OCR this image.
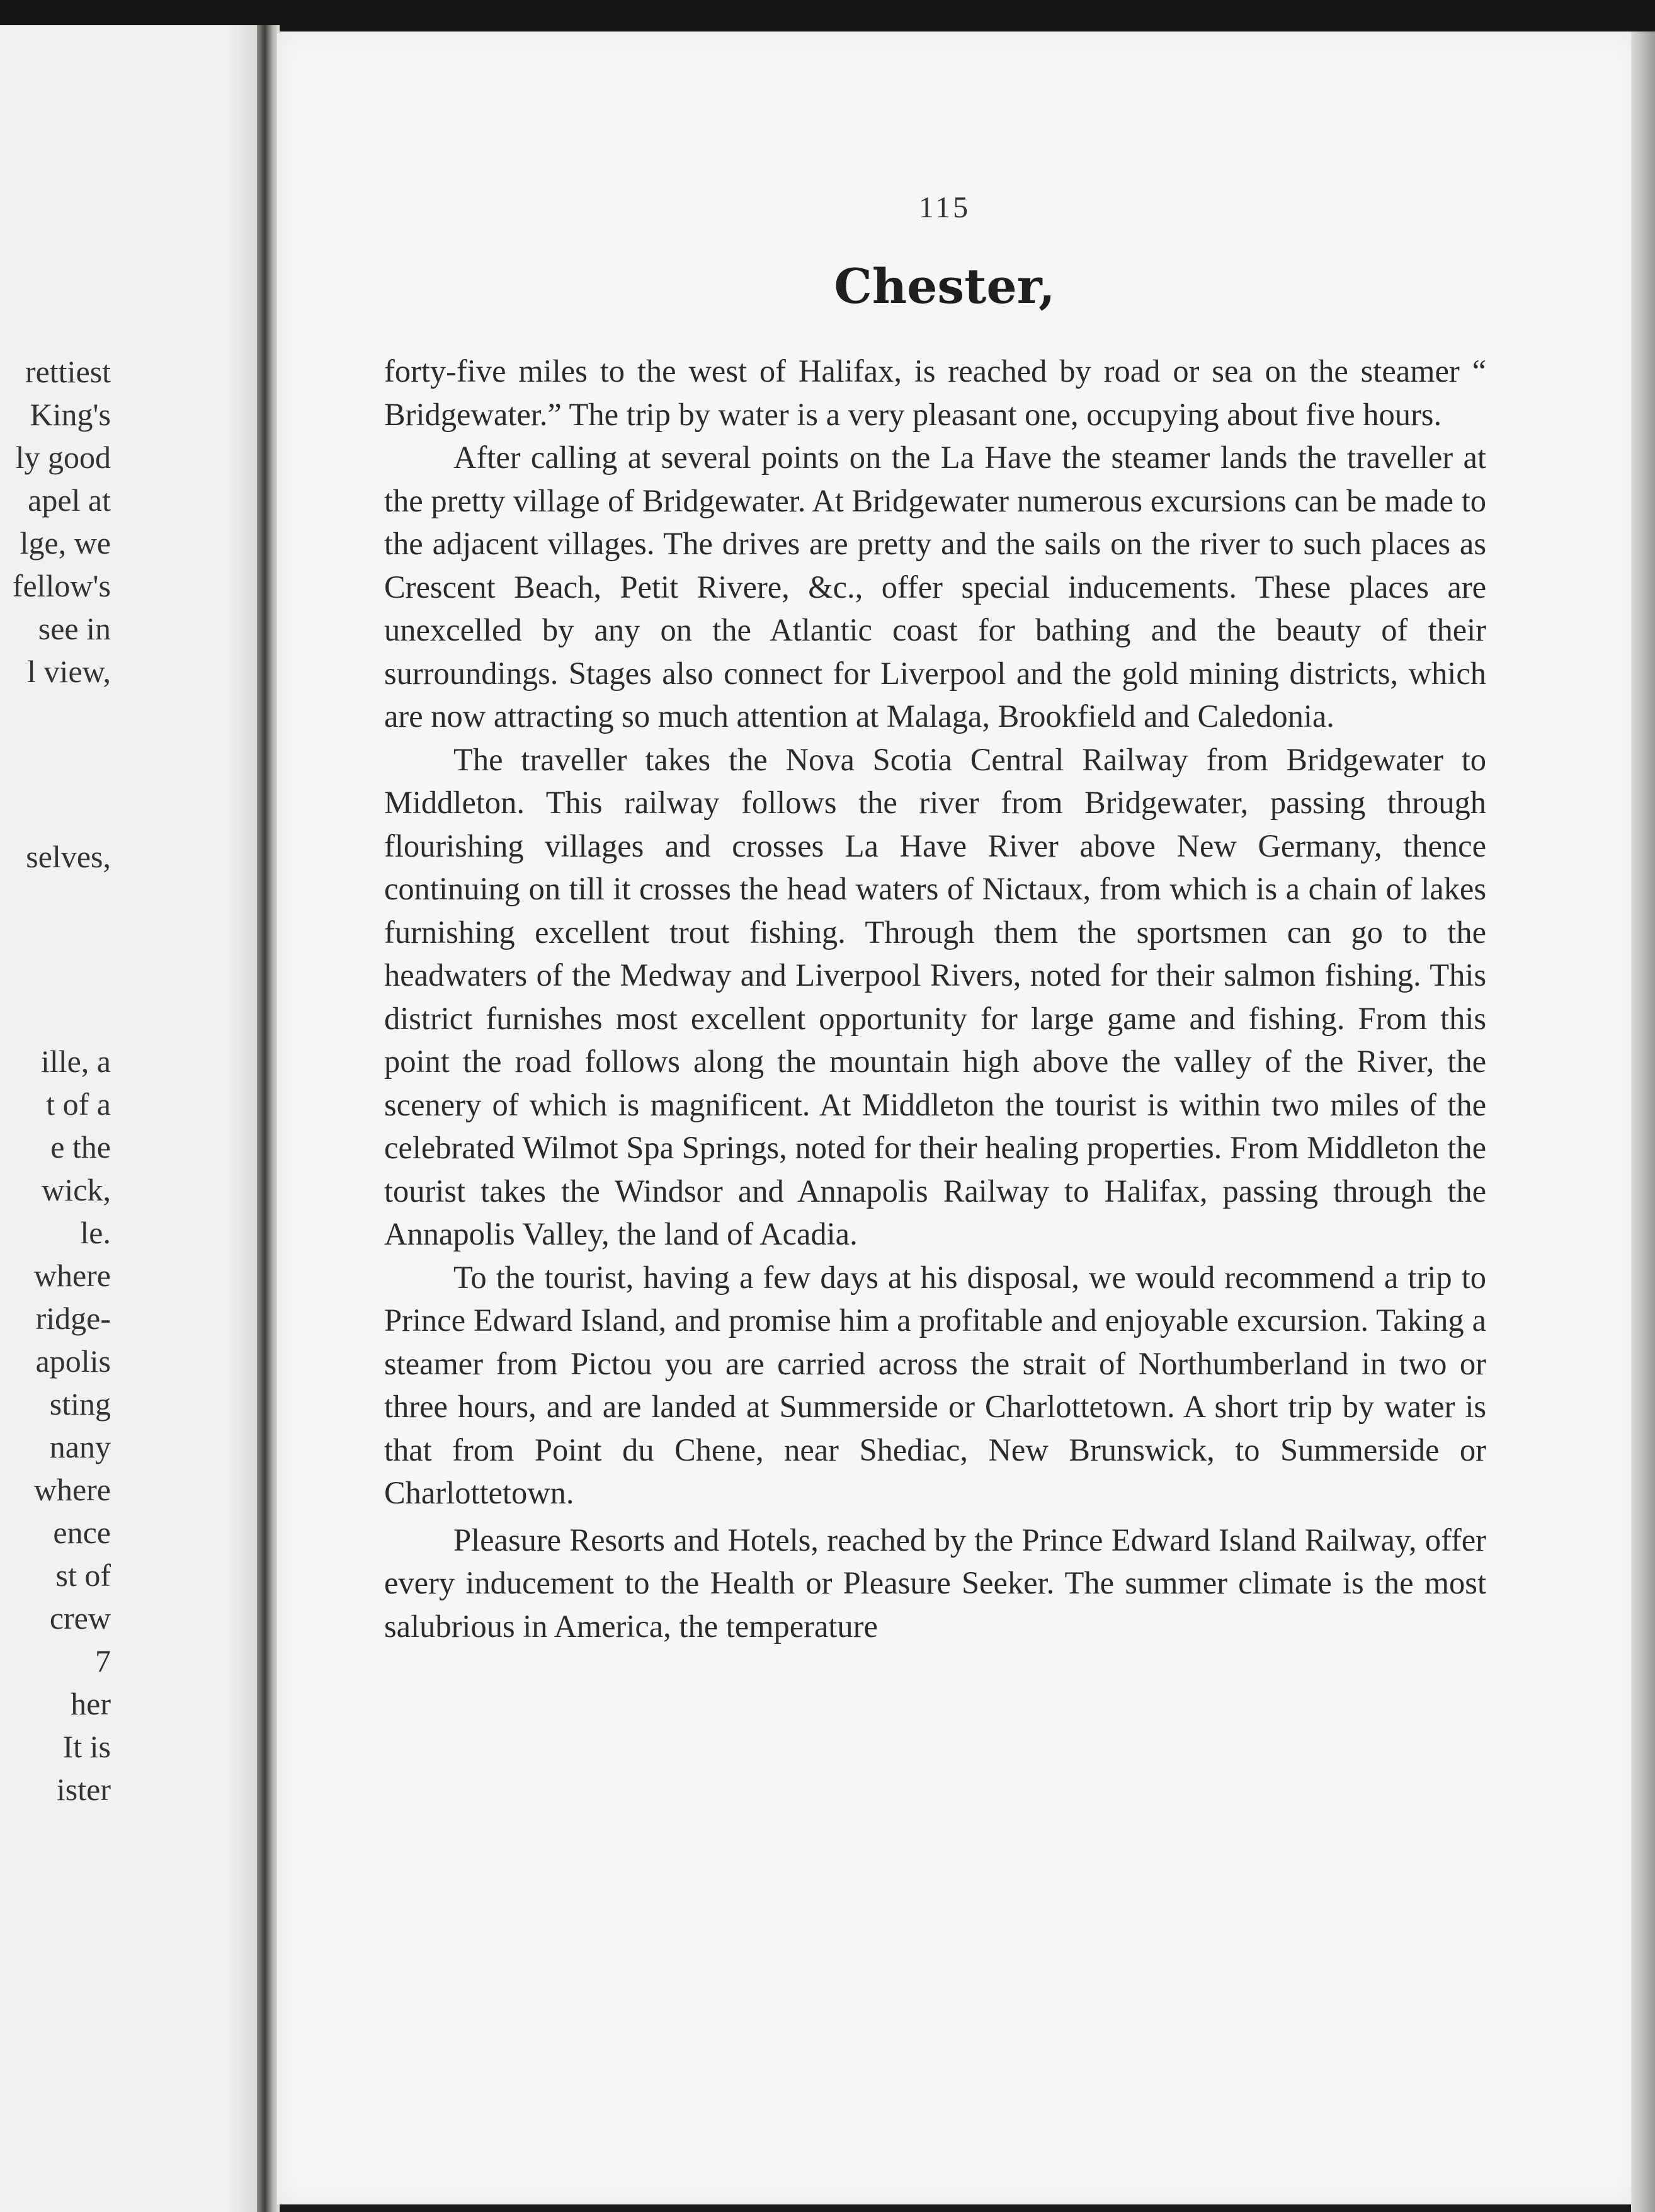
rettiest
King's
ly good
apel at
lge, we
fellow's
see in
l view,
selves,
ille, a
t of a
e the
wick,
le.
where
ridge-
apolis
sting
nany
where
ence
st of
crew
7
her
It is
ister
115
Chester,

forty-five miles to the west of Halifax, is reached by road or sea on the steamer “ Bridgewater.” The trip by water is a very pleasant one, occupying about five hours.

After calling at several points on the La Have the steamer lands the traveller at the pretty village of Bridgewater. At Bridgewater numerous excursions can be made to the adjacent villages. The drives are pretty and the sails on the river to such places as Crescent Beach, Petit Rivere, &c., offer special inducements. These places are unexcelled by any on the Atlantic coast for bathing and the beauty of their surroundings. Stages also connect for Liverpool and the gold mining districts, which are now attracting so much attention at Malaga, Brookfield and Caledonia.

The traveller takes the Nova Scotia Central Railway from Bridgewater to Middleton. This railway follows the river from Bridgewater, passing through flourishing villages and crosses La Have River above New Germany, thence continuing on till it crosses the head waters of Nictaux, from which is a chain of lakes furnishing excellent trout fishing. Through them the sportsmen can go to the headwaters of the Medway and Liverpool Rivers, noted for their salmon fishing. This district furnishes most excellent opportunity for large game and fishing. From this point the road follows along the mountain high above the valley of the River, the scenery of which is magnificent. At Middleton the tourist is within two miles of the celebrated Wilmot Spa Springs, noted for their healing properties. From Middleton the tourist takes the Windsor and Annapolis Railway to Halifax, passing through the Annapolis Valley, the land of Acadia.

To the tourist, having a few days at his disposal, we would recommend a trip to Prince Edward Island, and promise him a profitable and enjoyable excursion. Taking a steamer from Pictou you are carried across the strait of Northumberland in two or three hours, and are landed at Summerside or Charlottetown. A short trip by water is that from Point du Chene, near Shediac, New Brunswick, to Summerside or Charlottetown.

Pleasure Resorts and Hotels, reached by the Prince Edward Island Railway, offer every inducement to the Health or Pleasure Seeker. The summer climate is the most salubrious in America, the temperature
